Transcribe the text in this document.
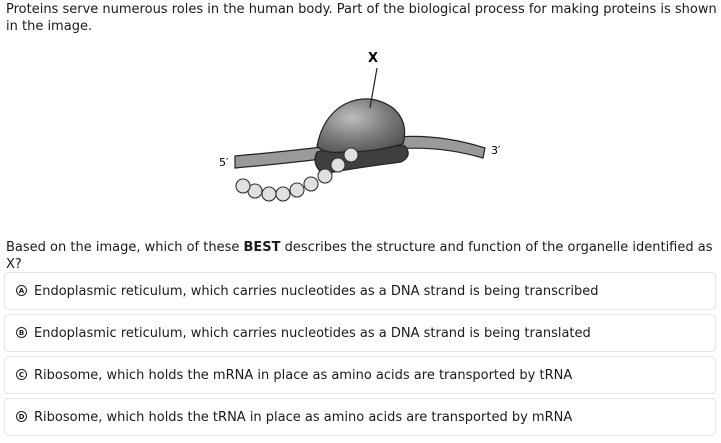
Proteins serve numerous roles in the human body. Part of the biological process for making proteins is shown in the image.
X
5′
3′
Based on the image, which of these BEST describes the structure and function of the organelle identified as X?
A Endoplasmic reticulum, which carries nucleotides as a DNA strand is being transcribed
B Endoplasmic reticulum, which carries nucleotides as a DNA strand is being translated
C Ribosome, which holds the mRNA in place as amino acids are transported by tRNA
D Ribosome, which holds the tRNA in place as amino acids are transported by mRNA
